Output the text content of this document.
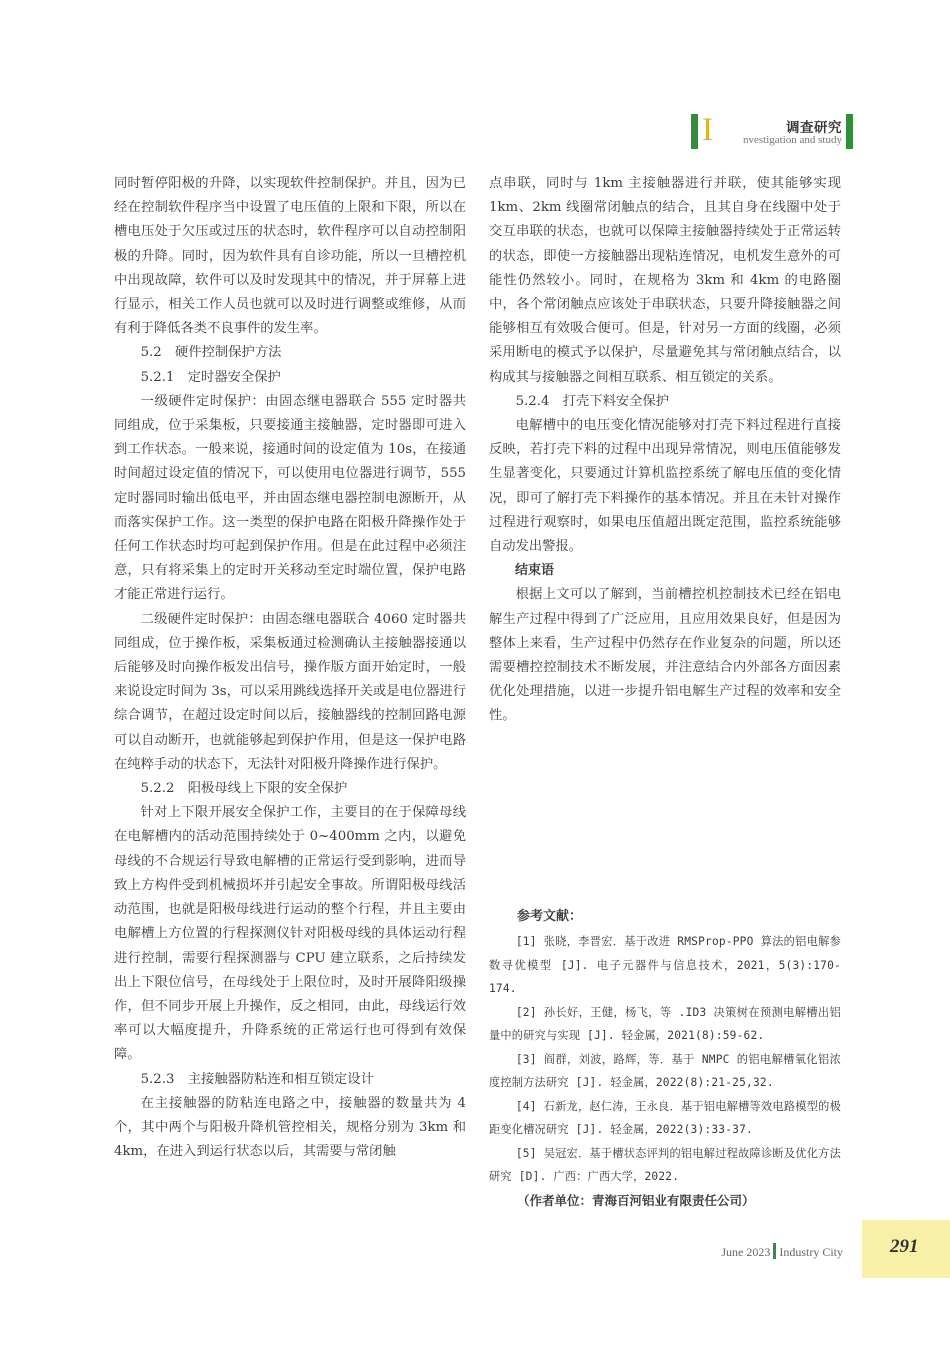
I	调查研究
nvestigation and study

同时暂停阳极的升降，以实现软件控制保护。并且，因为已经在控制软件程序当中设置了电压值的上限和下限，所以在槽电压处于欠压或过压的状态时，软件程序可以自动控制阳极的升降。同时，因为软件具有自诊功能，所以一旦槽控机中出现故障，软件可以及时发现其中的情况，并于屏幕上进行显示，相关工作人员也就可以及时进行调整或维修，从而有利于降低各类不良事件的发生率。

5.2　硬件控制保护方法

5.2.1　定时器安全保护

一级硬件定时保护：由固态继电器联合 555 定时器共同组成，位于采集板，只要接通主接触器，定时器即可进入到工作状态。一般来说，接通时间的设定值为 10s，在接通时间超过设定值的情况下，可以使用电位器进行调节，555 定时器同时输出低电平，并由固态继电器控制电源断开，从而落实保护工作。这一类型的保护电路在阳极升降操作处于任何工作状态时均可起到保护作用。但是在此过程中必须注意，只有将采集上的定时开关移动至定时端位置，保护电路才能正常进行运行。

二级硬件定时保护：由固态继电器联合 4060 定时器共同组成，位于操作板，采集板通过检测确认主接触器接通以后能够及时向操作板发出信号，操作版方面开始定时，一般来说设定时间为 3s，可以采用跳线选择开关或是电位器进行综合调节，在超过设定时间以后，接触器线的控制回路电源可以自动断开，也就能够起到保护作用，但是这一保护电路在纯粹手动的状态下，无法针对阳极升降操作进行保护。

5.2.2　阳极母线上下限的安全保护

针对上下限开展安全保护工作，主要目的在于保障母线在电解槽内的活动范围持续处于 0~400mm 之内，以避免母线的不合规运行导致电解槽的正常运行受到影响，进而导致上方构件受到机械损坏并引起安全事故。所谓阳极母线活动范围，也就是阳极母线进行运动的整个行程，并且主要由电解槽上方位置的行程探测仪针对阳极母线的具体运动行程进行控制，需要行程探测器与 CPU 建立联系，之后持续发出上下限位信号，在母线处于上限位时，及时开展降阳级操作，但不同步开展上升操作，反之相同，由此，母线运行效率可以大幅度提升，升降系统的正常运行也可得到有效保障。

5.2.3　主接触器防粘连和相互锁定设计

在主接触器的防粘连电路之中，接触器的数量共为 4 个，其中两个与阳极升降机管控相关，规格分别为 3km 和 4km，在进入到运行状态以后，其需要与常闭触

点串联，同时与 1km 主接触器进行并联，使其能够实现 1km、2km 线圈常闭触点的结合，且其自身在线圈中处于交互串联的状态，也就可以保障主接触器持续处于正常运转的状态，即使一方接触器出现粘连情况，电机发生意外的可能性仍然较小。同时，在规格为 3km 和 4km 的电路圈中，各个常闭触点应该处于串联状态，只要升降接触器之间能够相互有效吸合便可。但是，针对另一方面的线圈，必须采用断电的模式予以保护，尽量避免其与常闭触点结合，以构成其与接触器之间相互联系、相互锁定的关系。

5.2.4　打壳下料安全保护

电解槽中的电压变化情况能够对打壳下料过程进行直接反映，若打壳下料的过程中出现异常情况，则电压值能够发生显著变化，只要通过计算机监控系统了解电压值的变化情况，即可了解打壳下料操作的基本情况。并且在未针对操作过程进行观察时，如果电压值超出既定范围，监控系统能够自动发出警报。

结束语

根据上文可以了解到，当前槽控机控制技术已经在铝电解生产过程中得到了广泛应用，且应用效果良好，但是因为整体上来看，生产过程中仍然存在作业复杂的问题，所以还需要槽控控制技术不断发展，并注意结合内外部各方面因素优化处理措施，以进一步提升铝电解生产过程的效率和安全性。

参考文献：

[1] 张晓，李晋宏．基于改进 RMSProp-PPO 算法的铝电解参数寻优模型 [J]. 电子元器件与信息技术，2021，5(3):170-174.

[2] 孙长好，王健，杨飞，等 .ID3 决策树在预测电解槽出铝量中的研究与实现 [J]. 轻金属，2021(8):59-62.

[3] 阎群，刘波，路辉，等．基于 NMPC 的铝电解槽氧化铝浓度控制方法研究 [J]. 轻金属，2022(8):21-25,32.

[4] 石新龙，赵仁涛，王永良．基于铝电解槽等效电路模型的极距变化槽况研究 [J]. 轻金属，2022(3):33-37.

[5] 吴冠宏．基于槽状态评判的铝电解过程故障诊断及优化方法研究 [D]. 广西：广西大学，2022.

（作者单位：青海百河铝业有限责任公司）

June 2023 Industry City 291
